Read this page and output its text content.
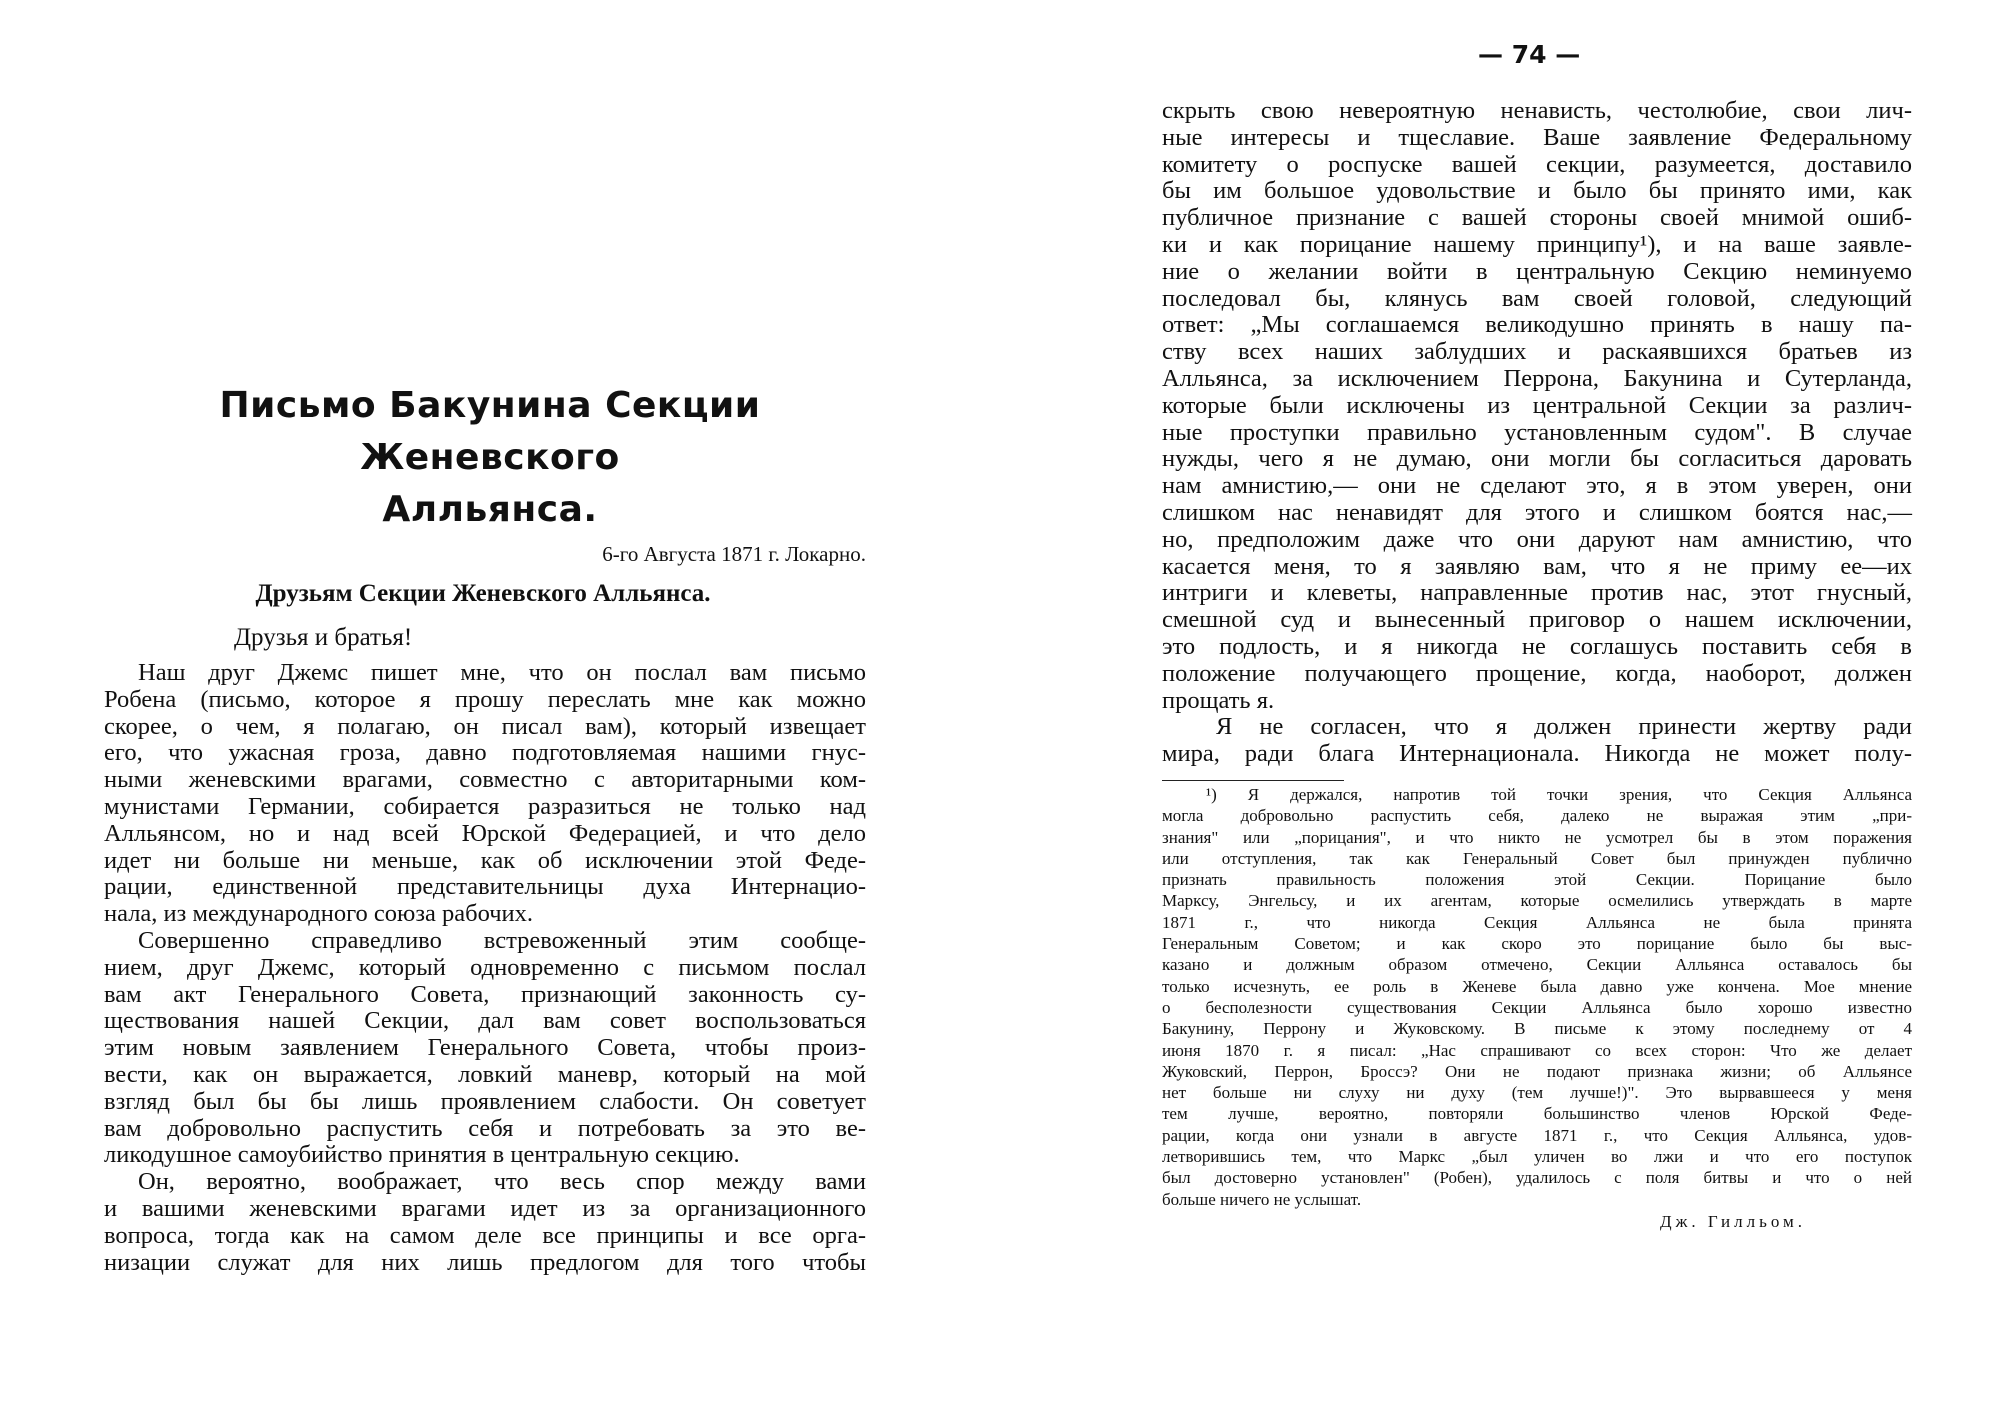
Письмо Бакунина Секции Женевского
Алльянса.
6-го Августа 1871 г. Локарно.
Друзьям Секции Женевского Алльянса.
Друзья и братья!
Наш друг Джемс пишет мне, что он послал вам письмо
Робена (письмо, которое я прошу переслать мне как можно
скорее, о чем, я полагаю, он писал вам), который извещает
его, что ужасная гроза, давно подготовляемая нашими гнус-
ными женевскими врагами, совместно с авторитарными ком-
мунистами Германии, собирается разразиться не только над
Алльянсом, но и над всей Юрской Федерацией, и что дело
идет ни больше ни меньше, как об исключении этой Феде-
рации, единственной представительницы духа Интернацио-
нала, из международного союза рабочих.
Совершенно справедливо встревоженный этим сообще-
нием, друг Джемс, который одновременно с письмом послал
вам акт Генерального Совета, признающий законность су-
ществования нашей Секции, дал вам совет воспользоваться
этим новым заявлением Генерального Совета, чтобы произ-
вести, как он выражается, ловкий маневр, который на мой
взгляд был бы бы лишь проявлением слабости. Он советует
вам добровольно распустить себя и потребовать за это ве-
ликодушное самоубийство принятия в центральную секцию.
Он, вероятно, воображает, что весь спор между вами
и вашими женевскими врагами идет из за организационного
вопроса, тогда как на самом деле все принципы и все орга-
низации служат для них лишь предлогом для того чтобы
— 74 —
скрыть свою невероятную ненависть, честолюбие, свои лич-
ные интересы и тщеславие. Ваше заявление Федеральному
комитету о роспуске вашей секции, разумеется, доставило
бы им большое удовольствие и было бы принято ими, как
публичное признание с вашей стороны своей мнимой ошиб-
ки и как порицание нашему принципу¹), и на ваше заявле-
ние о желании войти в центральную Секцию неминуемо
последовал бы, клянусь вам своей головой, следующий
ответ: „Мы соглашаемся великодушно принять в нашу па-
ству всех наших заблудших и раскаявшихся братьев из
Алльянса, за исключением Перрона, Бакунина и Сутерланда,
которые были исключены из центральной Секции за различ-
ные проступки правильно установленным судом". В случае
нужды, чего я не думаю, они могли бы согласиться даровать
нам амнистию,— они не сделают это, я в этом уверен, они
слишком нас ненавидят для этого и слишком боятся нас,—
но, предположим даже что они даруют нам амнистию, что
касается меня, то я заявляю вам, что я не приму ее—их
интриги и клеветы, направленные против нас, этот гнусный,
смешной суд и вынесенный приговор о нашем исключении,
это подлость, и я никогда не соглашусь поставить себя в
положение получающего прощение, когда, наоборот, должен
прощать я.
Я не согласен, что я должен принести жертву ради
мира, ради блага Интернационала. Никогда не может полу-
¹) Я держался, напротив той точки зрения, что Секция Алльянса
могла добровольно распустить себя, далеко не выражая этим „при-
знания" или „порицания", и что никто не усмотрел бы в этом поражения
или отступления, так как Генеральный Совет был принужден публично
признать правильность положения этой Секции. Порицание было
Марксу, Энгельсу, и их агентам, которые осмелились утверждать в марте
1871 г., что никогда Секция Алльянса не была принята
Генеральным Советом; и как скоро это порицание было бы выс-
казано и должным образом отмечено, Секции Алльянса оставалось бы
только исчезнуть, ее роль в Женеве была давно уже кончена. Мое мнение
о бесполезности существования Секции Алльянса было хорошо известно
Бакунину, Перрону и Жуковскому. В письме к этому последнему от 4
июня 1870 г. я писал: „Нас спрашивают со всех сторон: Что же делает
Жуковский, Перрон, Броссэ? Они не подают признака жизни; об Алльянсе
нет больше ни слуху ни духу (тем лучше!)". Это вырвавшееся у меня
тем лучше, вероятно, повторяли большинство членов Юрской Феде-
рации, когда они узнали в августе 1871 г., что Секция Алльянса, удов-
летворившись тем, что Маркс „был уличен во лжи и что его поступок
был достоверно установлен" (Робен), удалилось с поля битвы и что о ней
больше ничего не услышат.
Дж. Гилльом.
